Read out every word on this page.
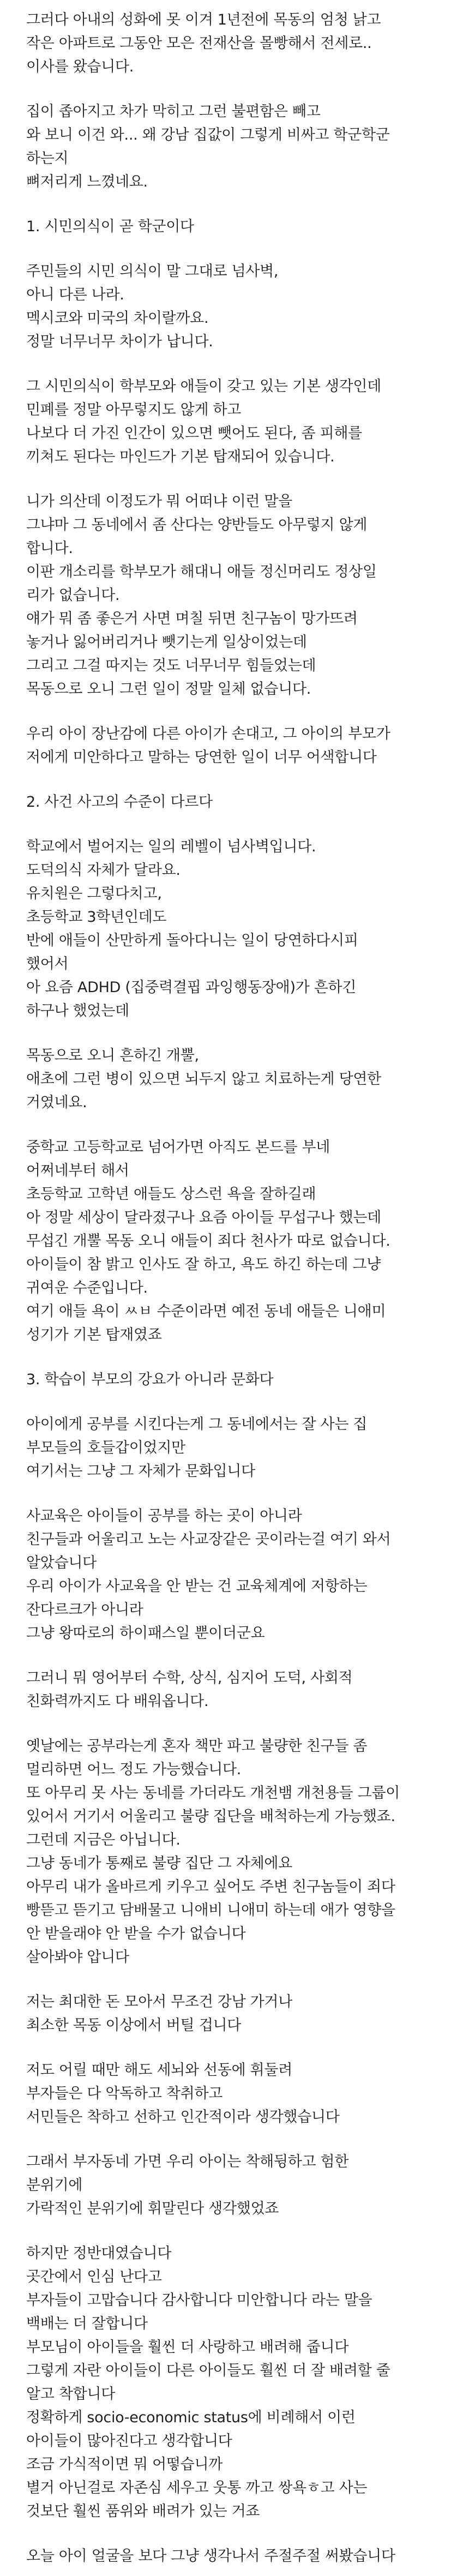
그러다 아내의 성화에 못 이겨 1년전에 목동의 엄청 낡고
작은 아파트로 그동안 모은 전재산을 몰빵해서 전세로..
이사를 왔습니다.
집이 좁아지고 차가 막히고 그런 불편함은 빼고
와 보니 이건 와... 왜 강남 집값이 그렇게 비싸고 학군학군
하는지
뼈저리게 느꼈네요.
1. 시민의식이 곧 학군이다
주민들의 시민 의식이 말 그대로 넘사벽,
아니 다른 나라.
멕시코와 미국의 차이랄까요.
정말 너무너무 차이가 납니다.
그 시민의식이 학부모와 애들이 갖고 있는 기본 생각인데
민폐를 정말 아무렇지도 않게 하고
나보다 더 가진 인간이 있으면 뺏어도 된다, 좀 피해를
끼쳐도 된다는 마인드가 기본 탑재되어 있습니다.
니가 의산데 이정도가 뭐 어떠냐 이런 말을
그냐마 그 동네에서 좀 산다는 양반들도 아무렇지 않게
합니다.
이판 개소리를 학부모가 해대니 애들 정신머리도 정상일
리가 없습니다.
얘가 뭐 좀 좋은거 사면 며칠 뒤면 친구놈이 망가뜨려
놓거나 잃어버리거나 뺏기는게 일상이었는데
그리고 그걸 따지는 것도 너무너무 힘들었는데
목동으로 오니 그런 일이 정말 일체 없습니다.
우리 아이 장난감에 다른 아이가 손대고, 그 아이의 부모가
저에게 미안하다고 말하는 당연한 일이 너무 어색합니다
2. 사건 사고의 수준이 다르다
학교에서 벌어지는 일의 레벨이 넘사벽입니다.
도덕의식 자체가 달라요.
유치원은 그렇다치고,
초등학교 3학년인데도
반에 애들이 산만하게 돌아다니는 일이 당연하다시피
했어서
아 요즘 ADHD (집중력결핍 과잉행동장애)가 흔하긴
하구나 했었는데
목동으로 오니 흔하긴 개뿔,
애초에 그런 병이 있으면 뇌두지 않고 치료하는게 당연한
거였네요.
중학교 고등학교로 넘어가면 아직도 본드를 부네
어쩌네부터 해서
초등학교 고학년 애들도 상스런 욕을 잘하길래
아 정말 세상이 달라졌구나 요즘 아이들 무섭구나 했는데
무섭긴 개뿔 목동 오니 애들이 죄다 천사가 따로 없습니다.
아이들이 참 밝고 인사도 잘 하고, 욕도 하긴 하는데 그냥
귀여운 수준입니다.
여기 애들 욕이 ㅆㅂ 수준이라면 예전 동네 애들은 니애미
성기가 기본 탑재였죠
3. 학습이 부모의 강요가 아니라 문화다
아이에게 공부를 시킨다는게 그 동네에서는 잘 사는 집
부모들의 호들갑이었지만
여기서는 그냥 그 자체가 문화입니다
사교육은 아이들이 공부를 하는 곳이 아니라
친구들과 어울리고 노는 사교장같은 곳이라는걸 여기 와서
알았습니다
우리 아이가 사교육을 안 받는 건 교육체계에 저항하는
잔다르크가 아니라
그냥 왕따로의 하이패스일 뿐이더군요
그러니 뭐 영어부터 수학, 상식, 심지어 도덕, 사회적
친화력까지도 다 배워옵니다.
옛날에는 공부라는게 혼자 책만 파고 불량한 친구들 좀
멀리하면 어느 정도 가능했습니다.
또 아무리 못 사는 동네를 가더라도 개천뱀 개천용들 그룹이
있어서 거기서 어울리고 불량 집단을 배척하는게 가능했죠.
그런데 지금은 아닙니다.
그냥 동네가 통째로 불량 집단 그 자체에요
아무리 내가 올바르게 키우고 싶어도 주변 친구놈들이 죄다
빵뜯고 뜯기고 담배물고 니애비 니애미 하는데 애가 영향을
안 받을래야 안 받을 수가 없습니다
살아봐야 압니다
저는 최대한 돈 모아서 무조건 강남 가거나
최소한 목동 이상에서 버틸 겁니다
저도 어릴 때만 해도 세뇌와 선동에 휘둘려
부자들은 다 악독하고 착취하고
서민들은 착하고 선하고 인간적이라 생각했습니다
그래서 부자동네 가면 우리 아이는 착해뒹하고 험한
분위기에
가락적인 분위기에 휘말린다 생각했었죠
하지만 정반대였습니다
곳간에서 인심 난다고
부자들이 고맙습니다 감사합니다 미안합니다 라는 말을
백배는 더 잘합니다
부모님이 아이들을 훨씬 더 사랑하고 배려해 줍니다
그렇게 자란 아이들이 다른 아이들도 훨씬 더 잘 배려할 줄
알고 착합니다
정확하게 socio-economic status에 비례해서 이런
아이들이 많아진다고 생각합니다
조금 가식적이면 뭐 어떻습니까
별거 아닌걸로 자존심 세우고 웃통 까고 쌍욕ㅎ고 사는
것보단 훨씬 품위와 배려가 있는 거죠
오늘 아이 얼굴을 보다 그냥 생각나서 주절주절 써봤습니다
